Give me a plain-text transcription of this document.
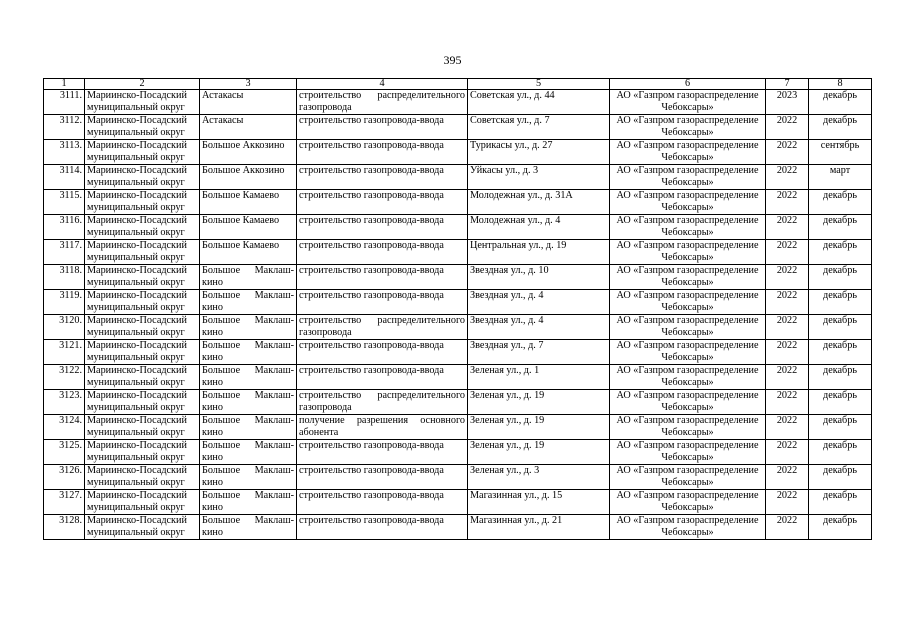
395
1	2	3	4	5	6	7	8
3111.	Мариинско-Посадский муниципальный округ	Астакасы	строительство распределительного газопровода	Советская ул., д. 44	АО «Газпром газораспределение Чебоксары»	2023	декабрь
3112.	Мариинско-Посадский муниципальный округ	Астакасы	строительство газопровода-ввода	Советская ул., д. 7	АО «Газпром газораспределение Чебоксары»	2022	декабрь
3113.	Мариинско-Посадский муниципальный округ	Большое Аккозино	строительство газопровода-ввода	Турикасы ул., д. 27	АО «Газпром газораспределение Чебоксары»	2022	сентябрь
3114.	Мариинско-Посадский муниципальный округ	Большое Аккозино	строительство газопровода-ввода	Уйкасы ул., д. 3	АО «Газпром газораспределение Чебоксары»	2022	март
3115.	Мариинско-Посадский муниципальный округ	Большое Камаево	строительство газопровода-ввода	Молодежная ул., д. 31А	АО «Газпром газораспределение Чебоксары»	2022	декабрь
3116.	Мариинско-Посадский муниципальный округ	Большое Камаево	строительство газопровода-ввода	Молодежная ул., д. 4	АО «Газпром газораспределение Чебоксары»	2022	декабрь
3117.	Мариинско-Посадский муниципальный округ	Большое Камаево	строительство газопровода-ввода	Центральная ул., д. 19	АО «Газпром газораспределение Чебоксары»	2022	декабрь
3118.	Мариинско-Посадский муниципальный округ	Большое Маклаш-кино	строительство газопровода-ввода	Звездная ул., д. 10	АО «Газпром газораспределение Чебоксары»	2022	декабрь
3119.	Мариинско-Посадский муниципальный округ	Большое Маклаш-кино	строительство газопровода-ввода	Звездная ул., д. 4	АО «Газпром газораспределение Чебоксары»	2022	декабрь
3120.	Мариинско-Посадский муниципальный округ	Большое Маклаш-кино	строительство распределительного газопровода	Звездная ул., д. 4	АО «Газпром газораспределение Чебоксары»	2022	декабрь
3121.	Мариинско-Посадский муниципальный округ	Большое Маклаш-кино	строительство газопровода-ввода	Звездная ул., д. 7	АО «Газпром газораспределение Чебоксары»	2022	декабрь
3122.	Мариинско-Посадский муниципальный округ	Большое Маклаш-кино	строительство газопровода-ввода	Зеленая ул., д. 1	АО «Газпром газораспределение Чебоксары»	2022	декабрь
3123.	Мариинско-Посадский муниципальный округ	Большое Маклаш-кино	строительство распределительного газопровода	Зеленая ул., д. 19	АО «Газпром газораспределение Чебоксары»	2022	декабрь
3124.	Мариинско-Посадский муниципальный округ	Большое Маклаш-кино	получение разрешения основного абонента	Зеленая ул., д. 19	АО «Газпром газораспределение Чебоксары»	2022	декабрь
3125.	Мариинско-Посадский муниципальный округ	Большое Маклаш-кино	строительство газопровода-ввода	Зеленая ул., д. 19	АО «Газпром газораспределение Чебоксары»	2022	декабрь
3126.	Мариинско-Посадский муниципальный округ	Большое Маклаш-кино	строительство газопровода-ввода	Зеленая ул., д. 3	АО «Газпром газораспределение Чебоксары»	2022	декабрь
3127.	Мариинско-Посадский муниципальный округ	Большое Маклаш-кино	строительство газопровода-ввода	Магазинная ул., д. 15	АО «Газпром газораспределение Чебоксары»	2022	декабрь
3128.	Мариинско-Посадский муниципальный округ	Большое Маклаш-кино	строительство газопровода-ввода	Магазинная ул., д. 21	АО «Газпром газораспределение Чебоксары»	2022	декабрь
